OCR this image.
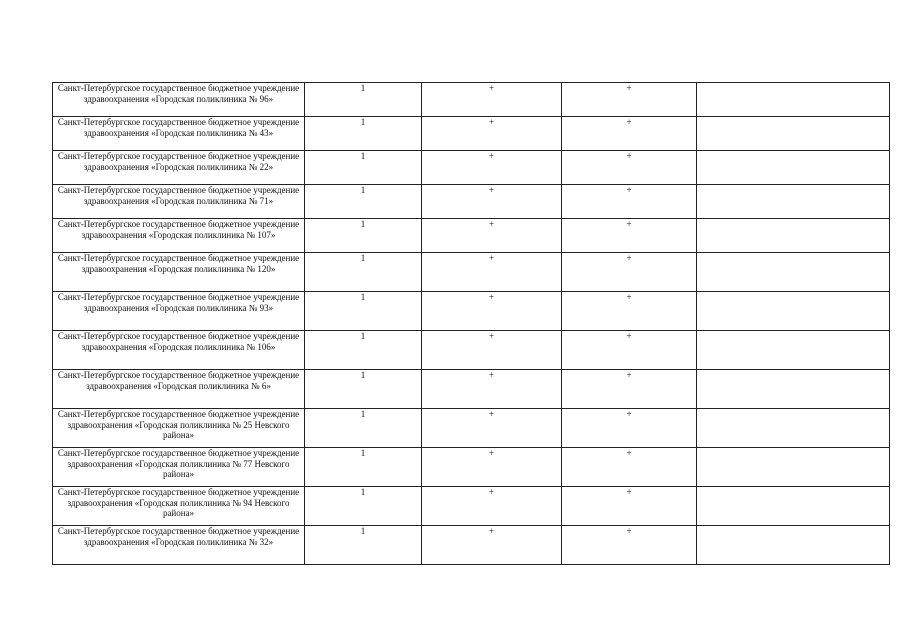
Санкт-Петербургское государственное бюджетное учреждение здравоохранения «Городская поликлиника № 96»	1	+	+	
Санкт-Петербургское государственное бюджетное учреждение здравоохранения «Городская поликлиника № 43»	1	+	+	
Санкт-Петербургское государственное бюджетное учреждение здравоохранения «Городская поликлиника № 22»	1	+	+	
Санкт-Петербургское государственное бюджетное учреждение здравоохранения «Городская поликлиника № 71»	1	+	+	
Санкт-Петербургское государственное бюджетное учреждение здравоохранения «Городская поликлиника № 107»	1	+	+	
Санкт-Петербургское государственное бюджетное учреждение здравоохранения «Городская поликлиника № 120»	1	+	+	
Санкт-Петербургское государственное бюджетное учреждение здравоохранения «Городская поликлиника № 93»	1	+	+	
Санкт-Петербургское государственное бюджетное учреждение здравоохранения «Городская поликлиника № 106»	1	+	+	
Санкт-Петербургское государственное бюджетное учреждение здравоохранения «Городская поликлиника № 6»	1	+	+	
Санкт-Петербургское государственное бюджетное учреждение здравоохранения «Городская поликлиника № 25 Невского района»	1	+	+	
Санкт-Петербургское государственное бюджетное учреждение здравоохранения «Городская поликлиника № 77 Невского района»	1	+	+	
Санкт-Петербургское государственное бюджетное учреждение здравоохранения «Городская поликлиника № 94 Невского района»	1	+	+	
Санкт-Петербургское государственное бюджетное учреждение здравоохранения «Городская поликлиника № 32»	1	+	+	
